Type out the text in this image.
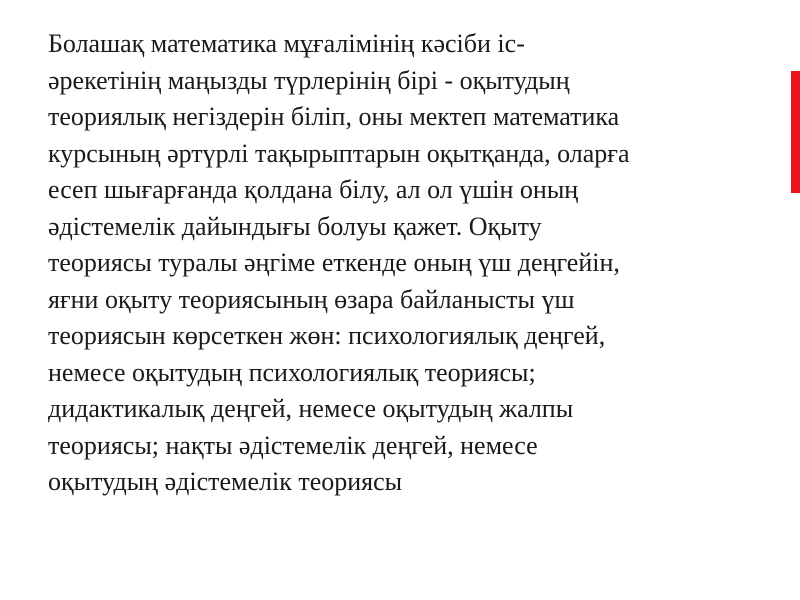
Болашақ математика мұғалімінің кәсіби іс-
әрекетінің маңызды түрлерінің бірі - оқытудың
теориялық негіздерін біліп, оны мектеп математика
курсының әртүрлі тақырыптарын оқытқанда, оларға
есеп шығарғанда қолдана білу, ал ол үшін оның
әдістемелік дайындығы болуы қажет. Оқыту
теориясы туралы әңгіме еткенде оның үш деңгейін,
яғни оқыту теориясының өзара байланысты үш
теориясын көрсеткен жөн: психологиялық деңгей,
немесе оқытудың психологиялық теориясы;
дидактикалық деңгей, немесе оқытудың жалпы
теориясы; нақты әдістемелік деңгей, немесе
оқытудың әдістемелік теориясы
